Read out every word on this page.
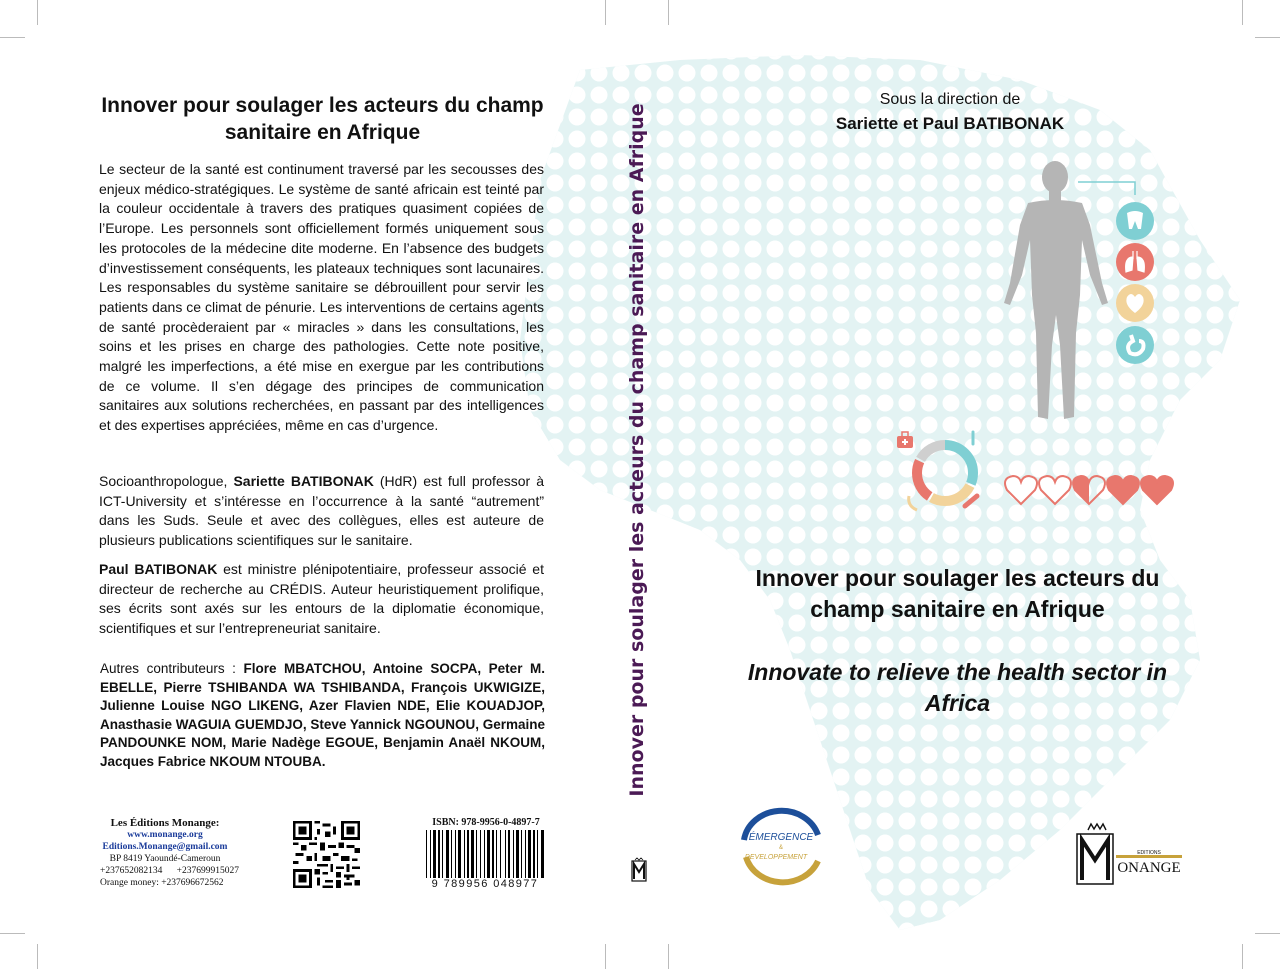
Innover pour soulager les acteurs du champ sanitaire en Afrique
Le secteur de la santé est continument traversé par les secousses des enjeux médico-stratégiques. Le système de santé africain est teinté par la couleur occidentale à travers des pratiques quasiment copiées de l’Europe. Les personnels sont officiellement formés uniquement sous les protocoles de la médecine dite moderne. En l’absence des budgets d’investissement conséquents, les plateaux techniques sont lacunaires. Les responsables du système sanitaire se débrouillent pour servir les patients dans ce climat de pénurie. Les interventions de certains agents de santé procèderaient par « miracles » dans les consultations, les soins et les prises en charge des pathologies. Cette note positive, malgré les imperfections, a été mise en exergue par les contributions de ce volume. Il s’en dégage des principes de communication sanitaires aux solutions recherchées, en passant par des intelligences et des expertises appréciées, même en cas d’urgence.
Socioanthropologue, Sariette BATIBONAK (HdR) est full professor à ICT-University et s’intéresse en l’occurrence à la santé “autrement” dans les Suds. Seule et avec des collègues, elles est auteure de plusieurs publications scientifiques sur le sanitaire.
Paul BATIBONAK est ministre plénipotentiaire, professeur associé et directeur de recherche au CRÉDIS. Auteur heuristiquement prolifique, ses écrits sont axés sur les entours de la diplomatie économique, scientifiques et sur l’entrepreneuriat sanitaire.
Autres contributeurs : Flore MBATCHOU, Antoine SOCPA, Peter M. EBELLE, Pierre TSHIBANDA WA TSHIBANDA, François UKWIGIZE, Julienne Louise NGO LIKENG, Azer Flavien NDE, Elie KOUADJOP, Anasthasie WAGUIA GUEMDJO, Steve Yannick NGOUNOU, Germaine PANDOUNKE NOM, Marie Nadège EGOUE, Benjamin Anaël NKOUM, Jacques Fabrice NKOUM NTOUBA.
Les Éditions Monange:
www.monange.org
Editions.Monange@gmail.com
BP 8419 Yaoundé-Cameroun
+237652082134      +237699915027
Orange money: +237696672562
ISBN: 978-9956-0-4897-7
9 789956 048977
Innover pour soulager les acteurs du champ sanitaire en Afrique
Sous la direction de
Sariette et Paul BATIBONAK
Innover pour soulager les acteurs du champ sanitaire en Afrique
Innovate to relieve the health sector in Africa
ÉMERGENCE
&
DEVELOPPEMENT
EDITIONS
ONANGE
